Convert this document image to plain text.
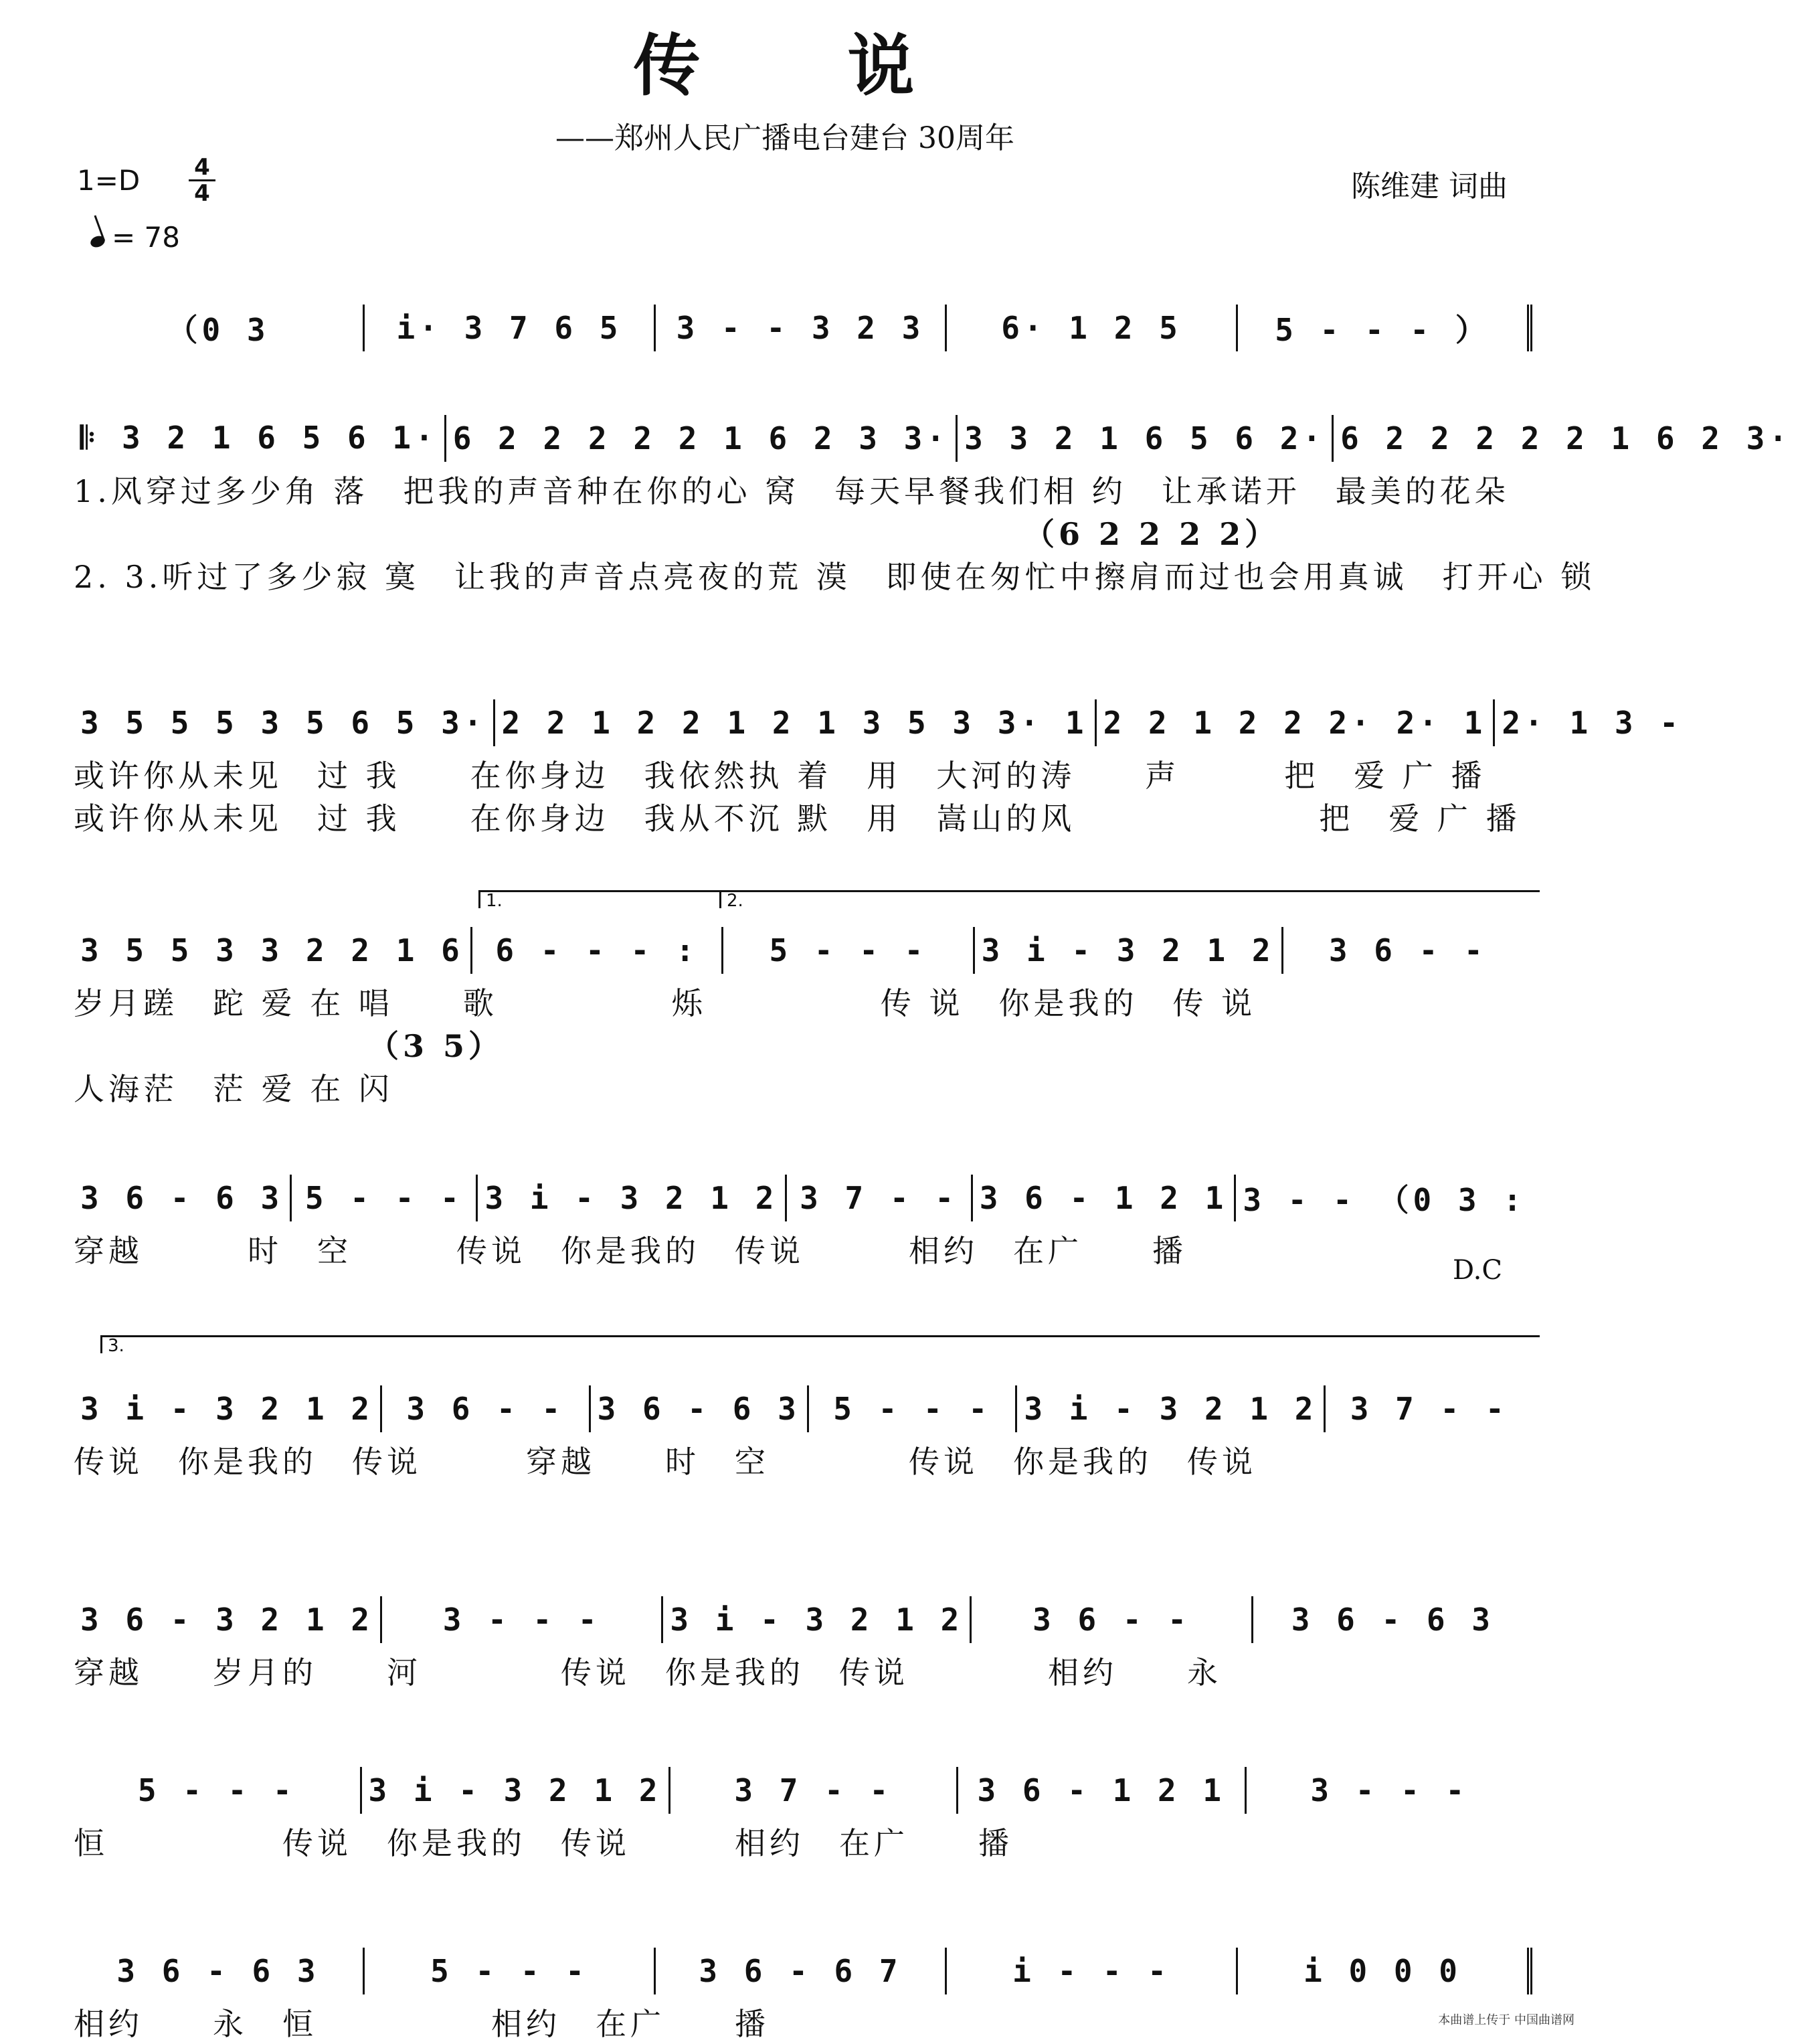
传　说
——郑州人民广播电台建台 30周年
陈维建 词曲
$1=D \frac{4}{4}$
= 78
（0 3	i· 3 7 6 5 3 - - 3 2 3 6· 1 2 5	5 - - - ）
𝄆 3 2 1 6 5 6 1· 6 2 2 2 2 2 1 6 2 3 3· 3 3 2 1 6 5 6 2· 6 2 2 2 2 2 1 6 2 3·
1.风穿过多少角 落　把我的声音种在你的心 窝　每天早餐我们相 约　让承诺开　最美的花朵
（6 2 2 2 2）
2. 3.听过了多少寂 寞　让我的声音点亮夜的荒 漠　即使在匆忙中擦肩而过也会用真诚　打开心 锁
3 5 5 5 3 5 6 5 3· 2 2 1 2 2 1 2 1 3 5 3 3· 1 2 2 1 2 2 2· 2· 1 2· 1 3 -
或许你从未见　过 我　　在你身边　我依然执 着　用　大河的涛　　声　　　把　爱 广 播
或许你从未见　过 我　　在你身边　我从不沉 默　用　嵩山的风　　　　　　　把　爱 广 播
3 5 5 3 3 2 2 1 6 6 - - - : 5 - - - 3 i - 3 2 1 2 3 6 - -
1.	2.
岁月蹉　跎 爱 在 唱　　歌　　　　　烁　　　　　传 说　你是我的　传 说
（3 5）
人海茫　茫 爱 在 闪
3 6 - 6 3 5 - - - 3 i - 3 2 1 2 3 7 - - 3 6 - 1 2 1 3 - - （0 3 :
穿越　　　时　空　　　传说　你是我的　传说　　　相约　在广　　播
D.C
3 i - 3 2 1 2 3 6 - - 3 6 - 6 3 5 - - - 3 i - 3 2 1 2 3 7 - -
3.
传说　你是我的　传说　　　穿越　　时　空　　　　传说　你是我的　传说
3 6 - 3 2 1 2 3 - - - 3 i - 3 2 1 2 3 6 - -	3 6 - 6 3
穿越　　岁月的　　河　　　　传说　你是我的　传说　　　　相约　　永
5 - - - 3 i - 3 2 1 2 3 7 - -	3 6 - 1 2 1	3 - - -
恒　　　　　传说　你是我的　传说　　　相约　在广　　播
3 6 - 6 3	5 - - -	3 6 - 6 7	i - - -	i 0 0 0
相约　　永　恒　　　　　相约　在广　　播	本曲谱上传于 中国曲谱网
